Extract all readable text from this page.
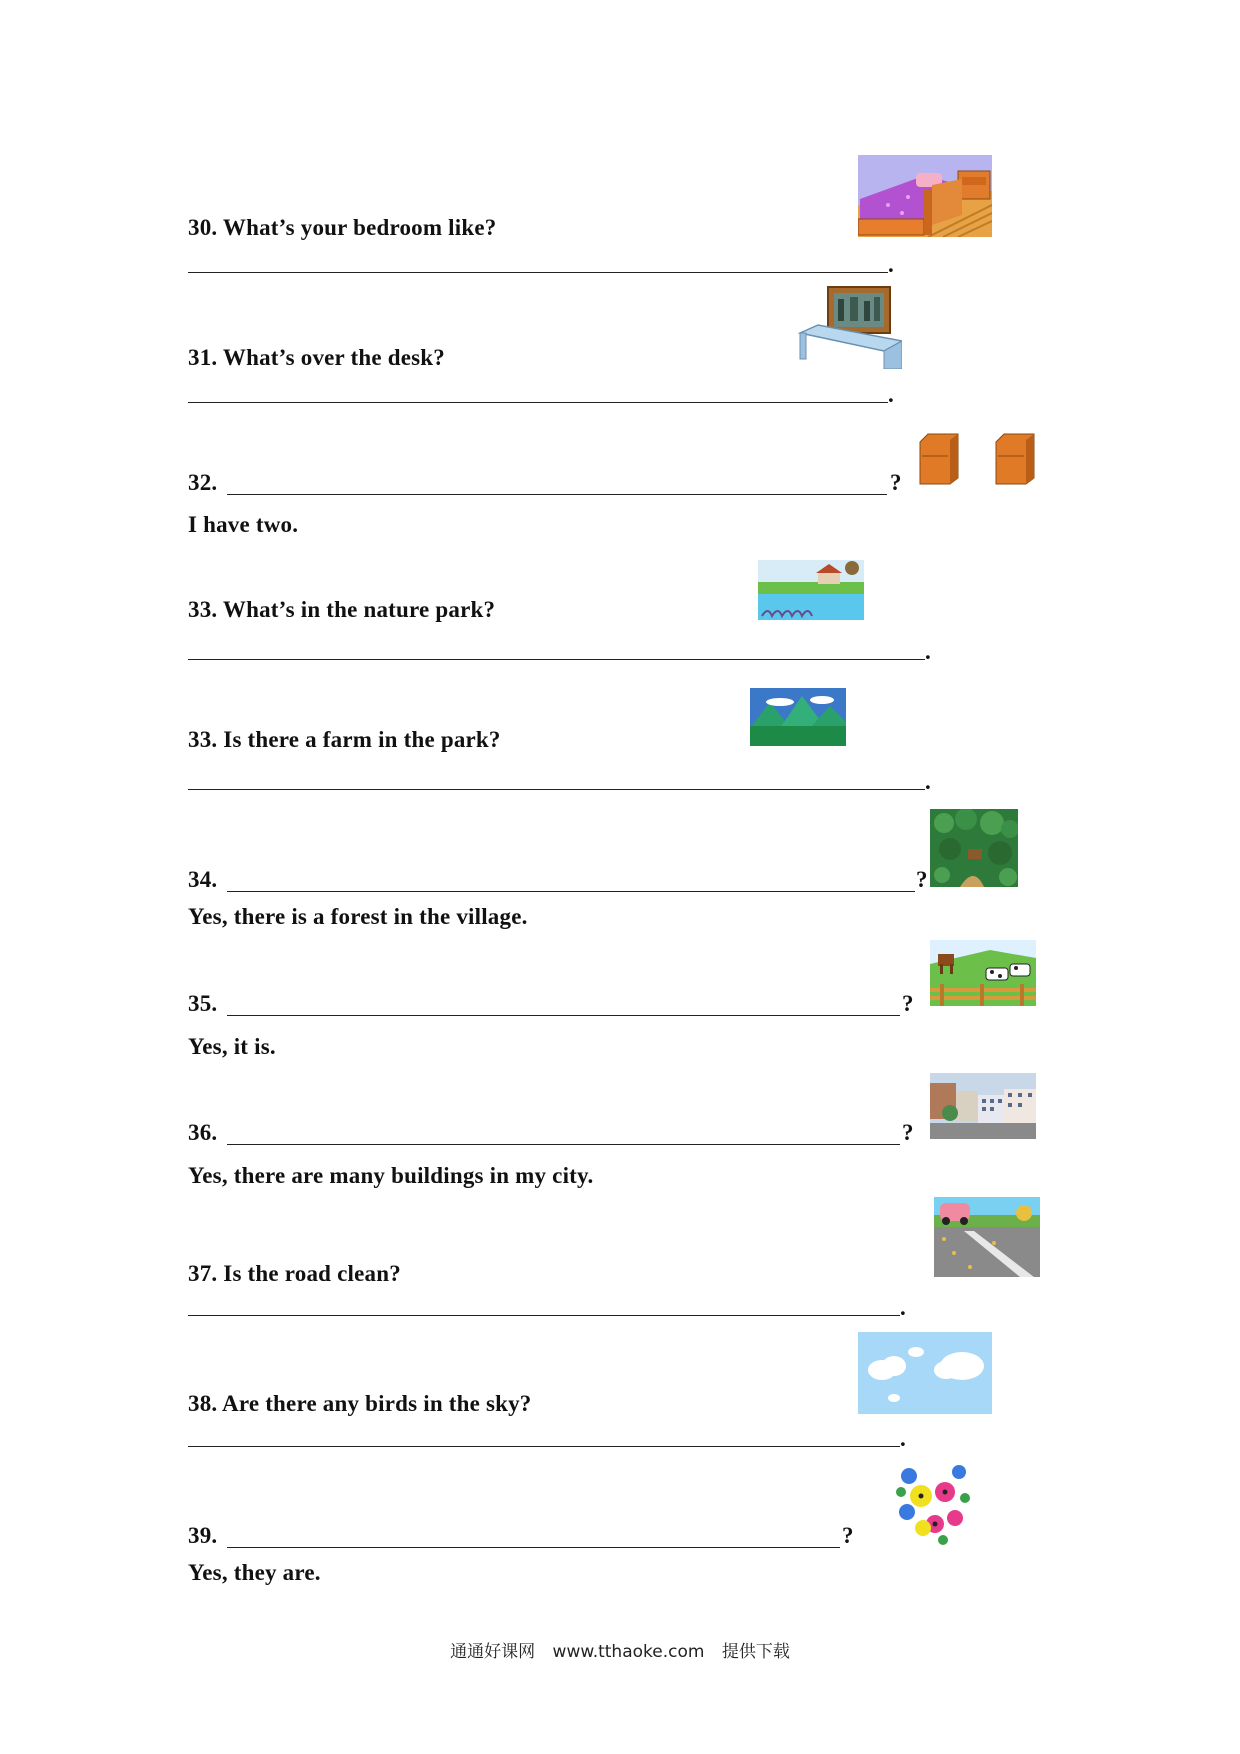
30. What’s your bedroom like?
.
31. What’s over the desk?
.
32.	?
I have two.
33. What’s in the nature park?
.
33. Is there a farm in the park?
.
34.	?
Yes, there is a forest in the village.
35.	?
Yes, it is.
36.	?
Yes, there are many buildings in my city.
37. Is the road clean?
.
38. Are there any birds in the sky?
.
39.	?
Yes, they are.
通通好课网 www.tthaoke.com 提供下载
